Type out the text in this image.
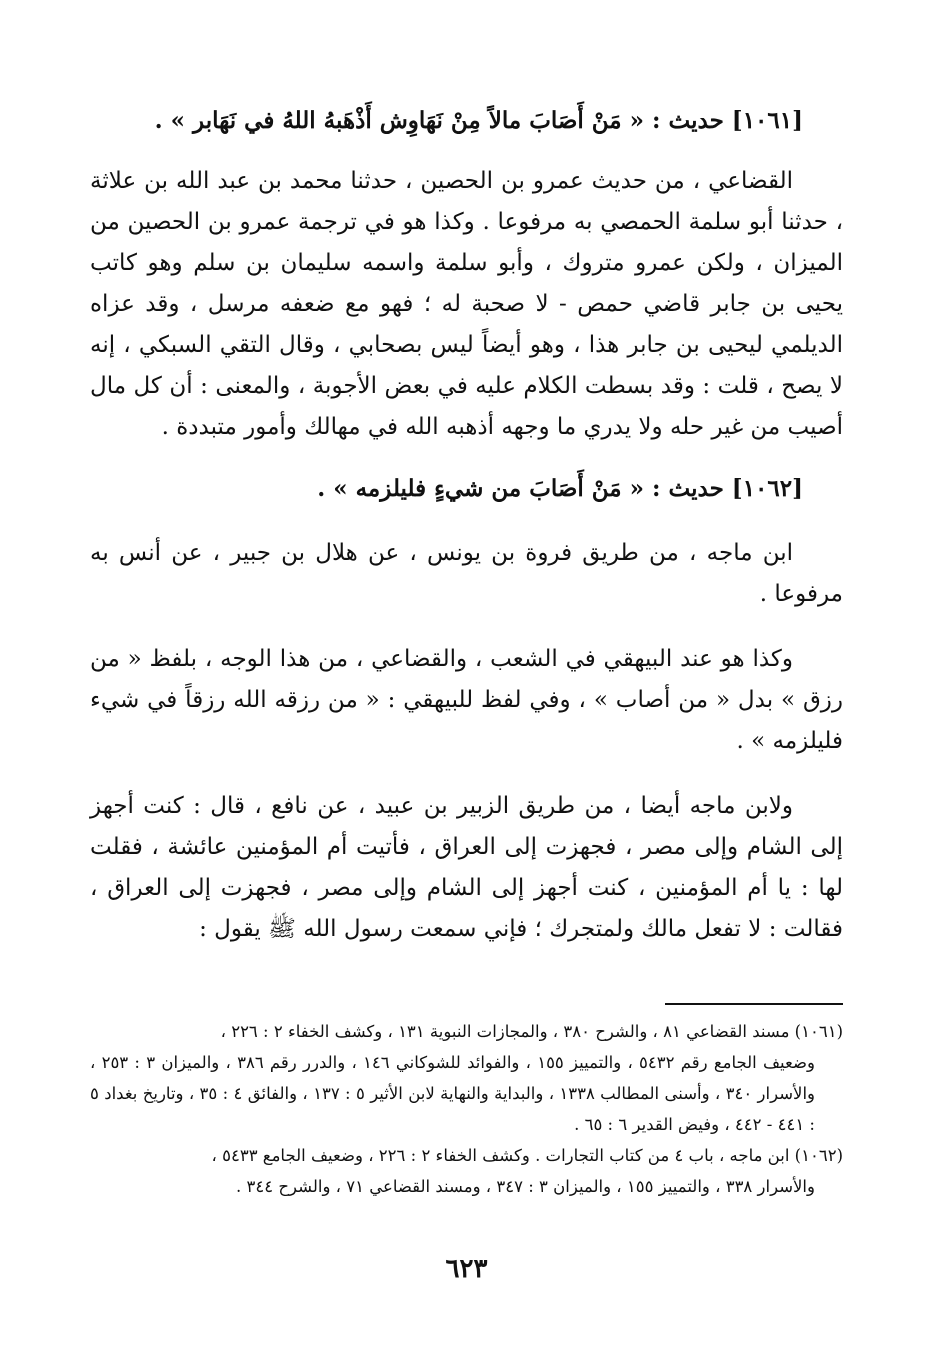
[١٠٦١] حديث : « مَنْ أَصَابَ مالاً مِنْ نَهَاوِش أَذْهَبهُ اللهُ في نَهَابر » .

القضاعي ، من حديث عمرو بن الحصين ، حدثنا محمد بن عبد الله بن علاثة ، حدثنا أبو سلمة الحمصي به مرفوعا . وكذا هو في ترجمة عمرو بن الحصين من الميزان ، ولكن عمرو متروك ، وأبو سلمة واسمه سليمان بن سلم وهو كاتب يحيى بن جابر قاضي حمص - لا صحبة له ؛ فهو مع ضعفه مرسل ، وقد عزاه الديلمي ليحيى بن جابر هذا ، وهو أيضاً ليس بصحابي ، وقال التقي السبكي ، إنه لا يصح ، قلت : وقد بسطت الكلام عليه في بعض الأجوبة ، والمعنى : أن كل مال أصيب من غير حله ولا يدري ما وجهه أذهبه الله في مهالك وأمور متبددة .

[١٠٦٢] حديث : « مَنْ أَصَابَ من شيءٍ فليلزمه » .

ابن ماجه ، من طريق فروة بن يونس ، عن هلال بن جبير ، عن أنس به مرفوعا .

وكذا هو عند البيهقي في الشعب ، والقضاعي ، من هذا الوجه ، بلفظ « من رزق » بدل « من أصاب » ، وفي لفظ للبيهقي : « من رزقه الله رزقاً في شيء فليلزمه » .

ولابن ماجه أيضا ، من طريق الزبير بن عبيد ، عن نافع ، قال : كنت أجهز إلى الشام وإلى مصر ، فجهزت إلى العراق ، فأتيت أم المؤمنين عائشة ، فقلت لها : يا أم المؤمنين ، كنت أجهز إلى الشام وإلى مصر ، فجهزت إلى العراق ، فقالت : لا تفعل مالك ولمتجرك ؛ فإني سمعت رسول الله ﷺ يقول :

(١٠٦١) مسند القضاعي ٨١ ، والشرح ٣٨٠ ، والمجازات النبوية ١٣١ ، وكشف الخفاء ٢ : ٢٢٦ ،

وضعيف الجامع رقم ٥٤٣٢ ، والتمييز ١٥٥ ، والفوائد للشوكاني ١٤٦ ، والدرر رقم ٣٨٦ ، والميزان ٣ : ٢٥٣ ، والأسرار ٣٤٠ ، وأسنى المطالب ١٣٣٨ ، والبداية والنهاية لابن الأثير ٥ : ١٣٧ ، والفائق ٤ : ٣٥ ، وتاريخ بغداد ٥ : ٤٤١ - ٤٤٢ ، وفيض القدير ٦ : ٦٥ .

(١٠٦٢) ابن ماجه ، باب ٤ من كتاب التجارات . وكشف الخفاء ٢ : ٢٢٦ ، وضعيف الجامع ٥٤٣٣ ،

والأسرار ٣٣٨ ، والتمييز ١٥٥ ، والميزان ٣ : ٣٤٧ ، ومسند القضاعي ٧١ ، والشرح ٣٤٤ .

٦٢٣
